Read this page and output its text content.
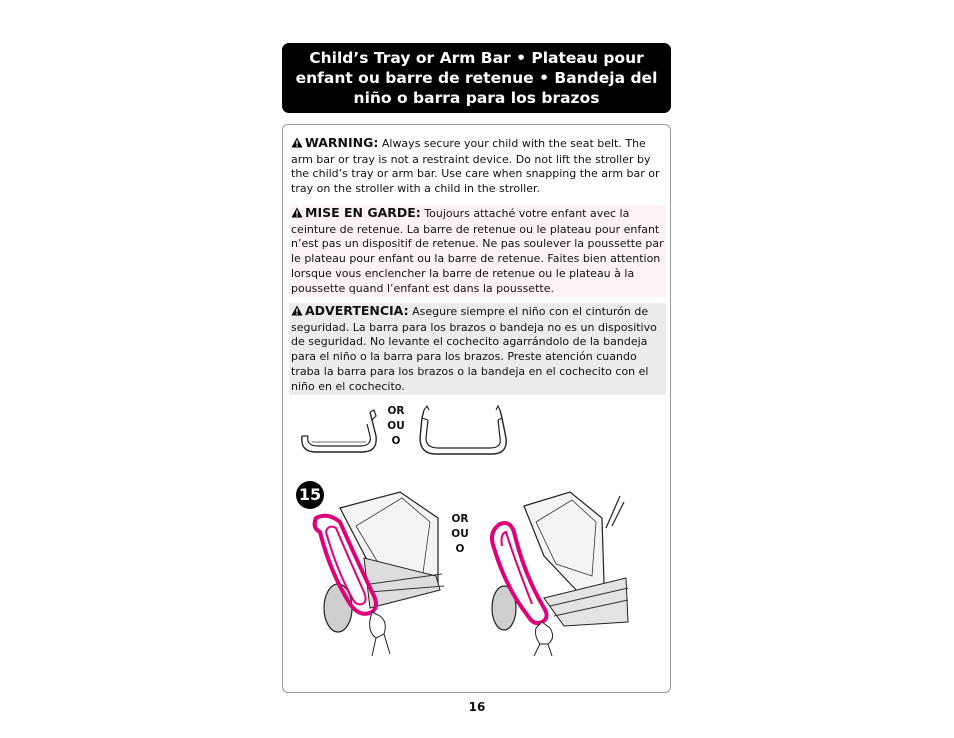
Child’s Tray or Arm Bar • Plateau pour enfant ou barre de retenue • Bandeja del niño o barra para los brazos
WARNING: Always secure your child with the seat belt. The arm bar or tray is not a restraint device. Do not lift the stroller by the child’s tray or arm bar. Use care when snapping the arm bar or tray on the stroller with a child in the stroller.
MISE EN GARDE: Toujours attaché votre enfant avec la ceinture de retenue. La barre de retenue ou le plateau pour enfant n’est pas un dispositif de retenue. Ne pas soulever la poussette par le plateau pour enfant ou la barre de retenue. Faites bien attention lorsque vous enclencher la barre de retenue ou le plateau à la poussette quand l’enfant est dans la poussette.
ADVERTENCIA: Asegure siempre el niño con el cinturón de seguridad. La barra para los brazos o bandeja no es un dispositivo de seguridad. No levante el cochecito agarrándolo de la bandeja para el niño o la barra para los brazos. Preste atención cuando traba la barra para los brazos o la bandeja en el cochecito con el niño en el cochecito.
OR
OU
O
15
OR
OU
O
16
